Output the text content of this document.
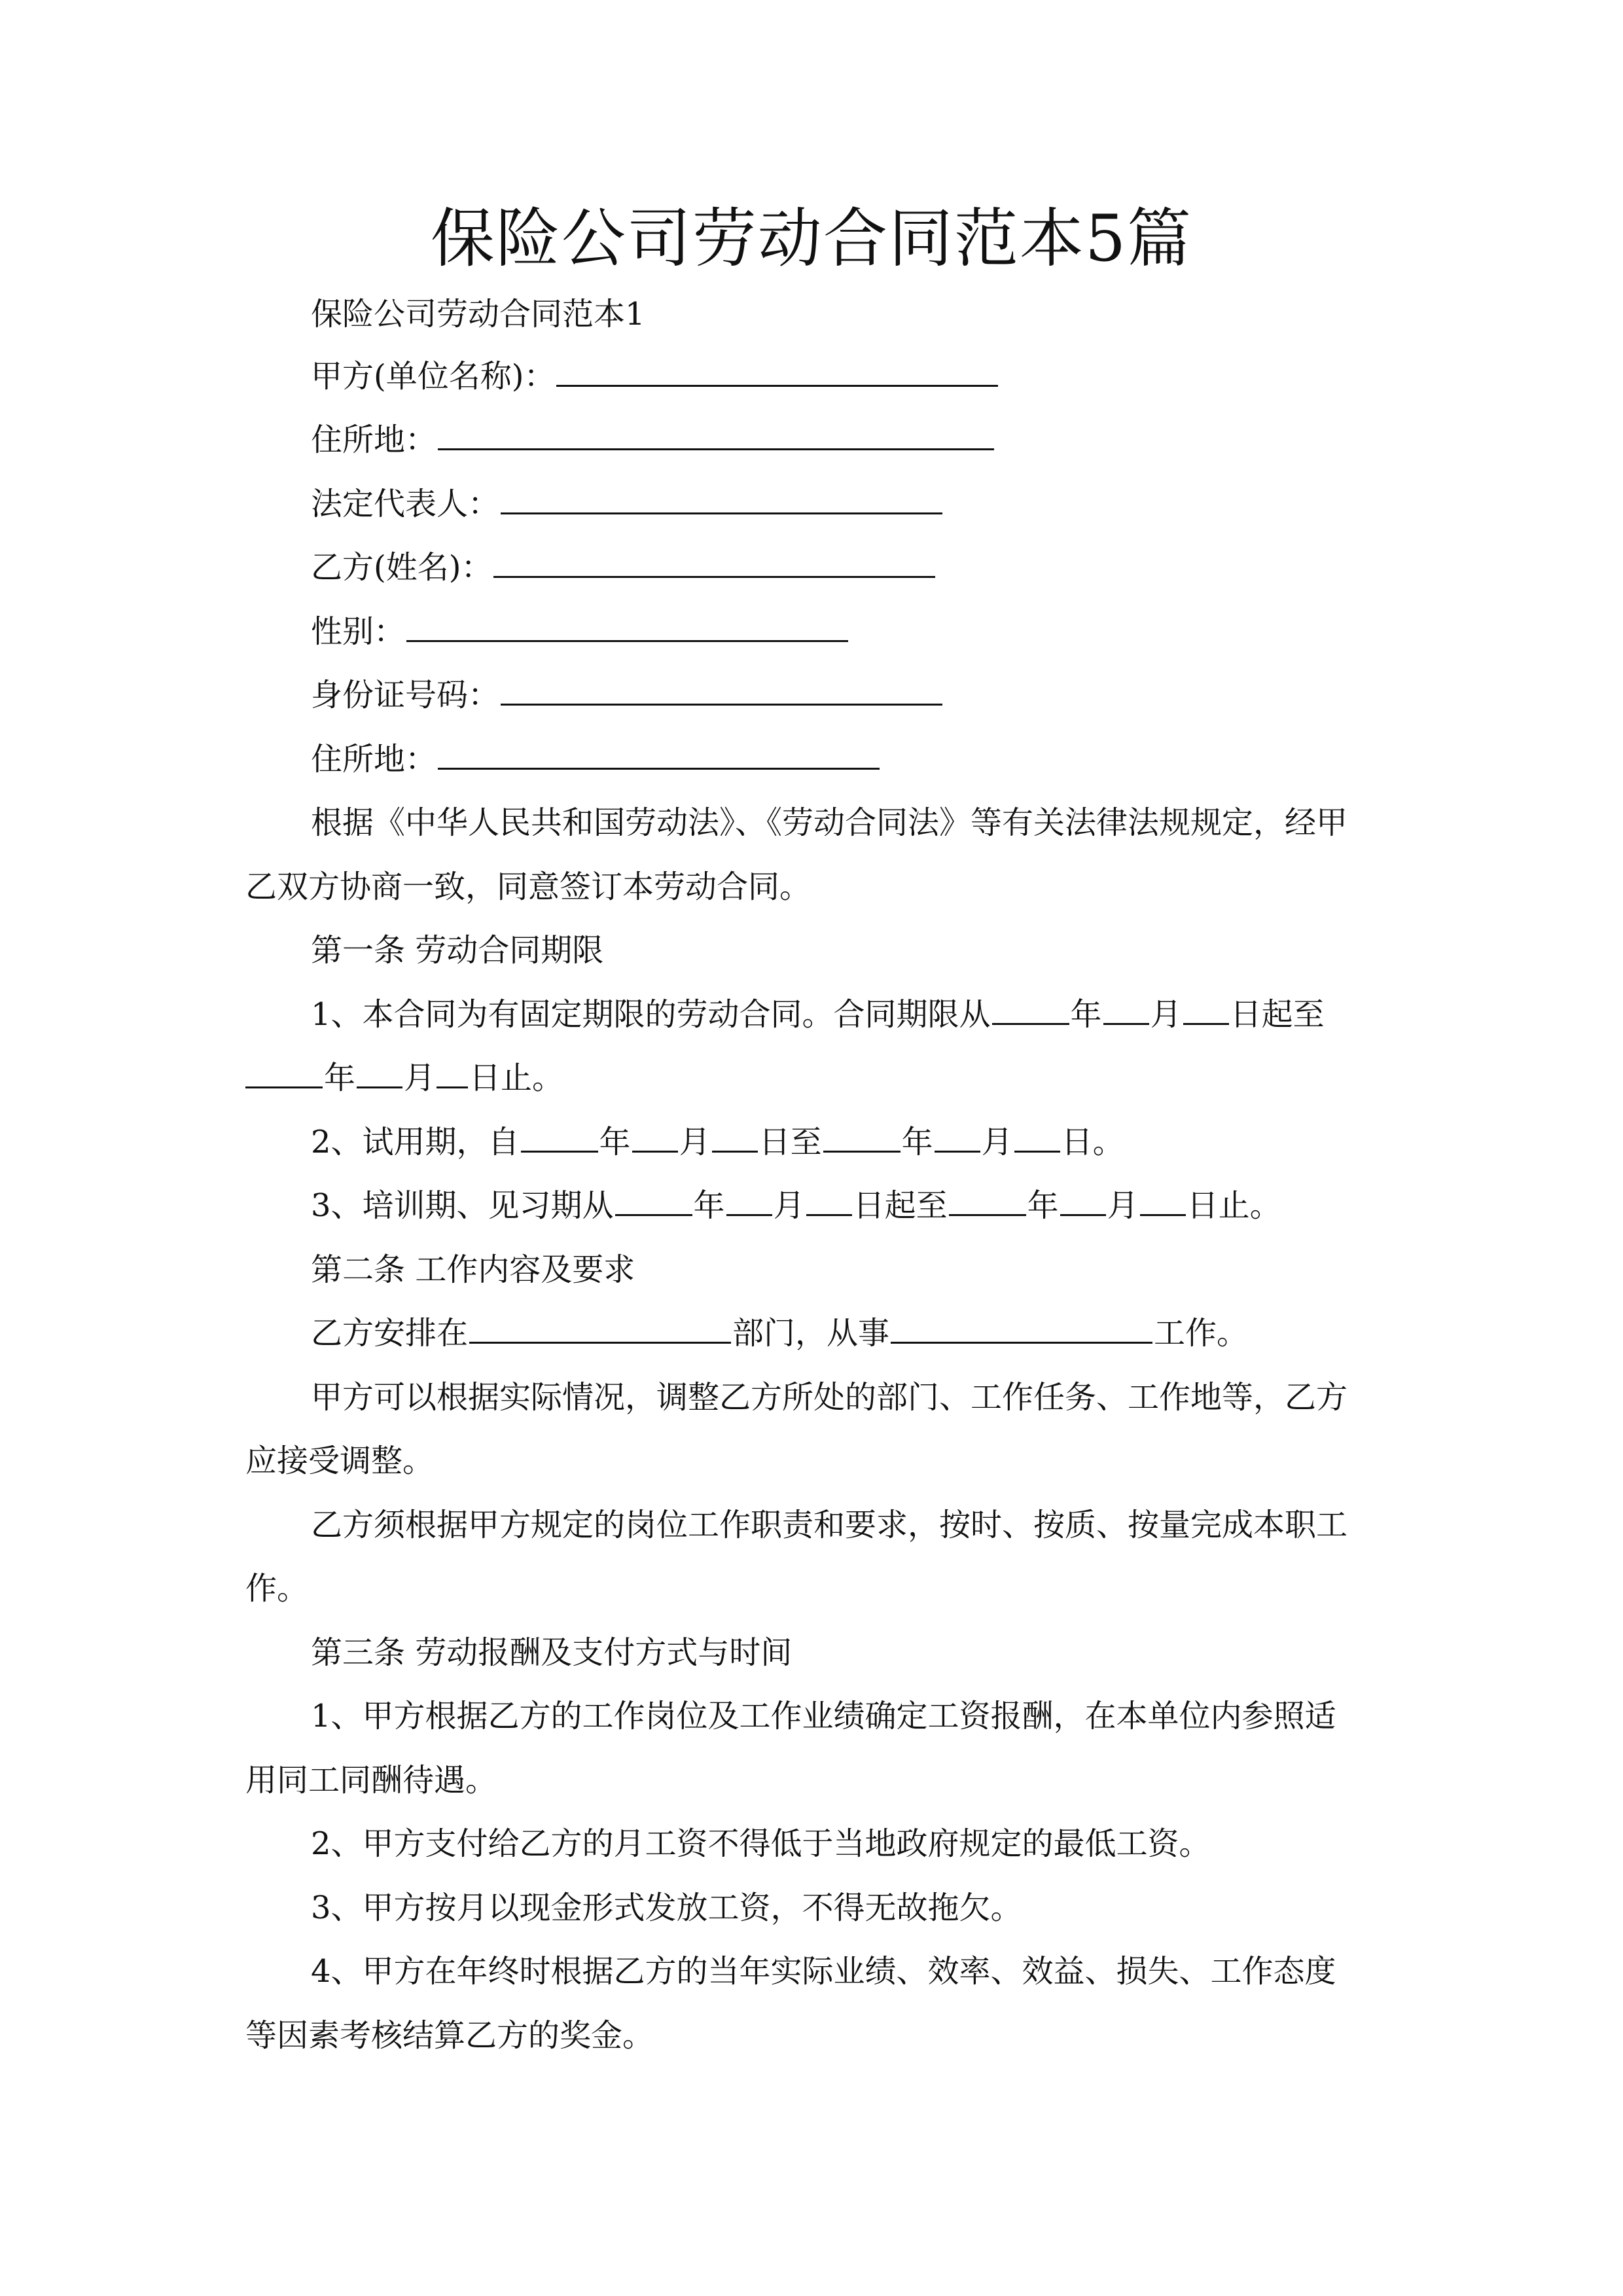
保险公司劳动合同范本5篇

保险公司劳动合同范本1

甲方(单位名称)：

住所地：

法定代表人：

乙方(姓名)：

性别：

身份证号码：

住所地：

根据《中华人民共和国劳动法》、《劳动合同法》等有关法律法规规定，经甲

乙双方协商一致，同意签订本劳动合同。

第一条 劳动合同期限

1、本合同为有固定期限的劳动合同。合同期限从	年 月 日起至

年 月 日止。

2、试用期，自	年 月 日至	年 月 日。

3、培训期、见习期从	年 月 日起至	年 月 日止。

第二条 工作内容及要求

乙方安排在	部门，从事	工作。

甲方可以根据实际情况，调整乙方所处的部门、工作任务、工作地等，乙方

应接受调整。

乙方须根据甲方规定的岗位工作职责和要求，按时、按质、按量完成本职工

作。

第三条 劳动报酬及支付方式与时间

1、甲方根据乙方的工作岗位及工作业绩确定工资报酬，在本单位内参照适

用同工同酬待遇。

2、甲方支付给乙方的月工资不得低于当地政府规定的最低工资。

3、甲方按月以现金形式发放工资，不得无故拖欠。

4、甲方在年终时根据乙方的当年实际业绩、效率、效益、损失、工作态度

等因素考核结算乙方的奖金。
